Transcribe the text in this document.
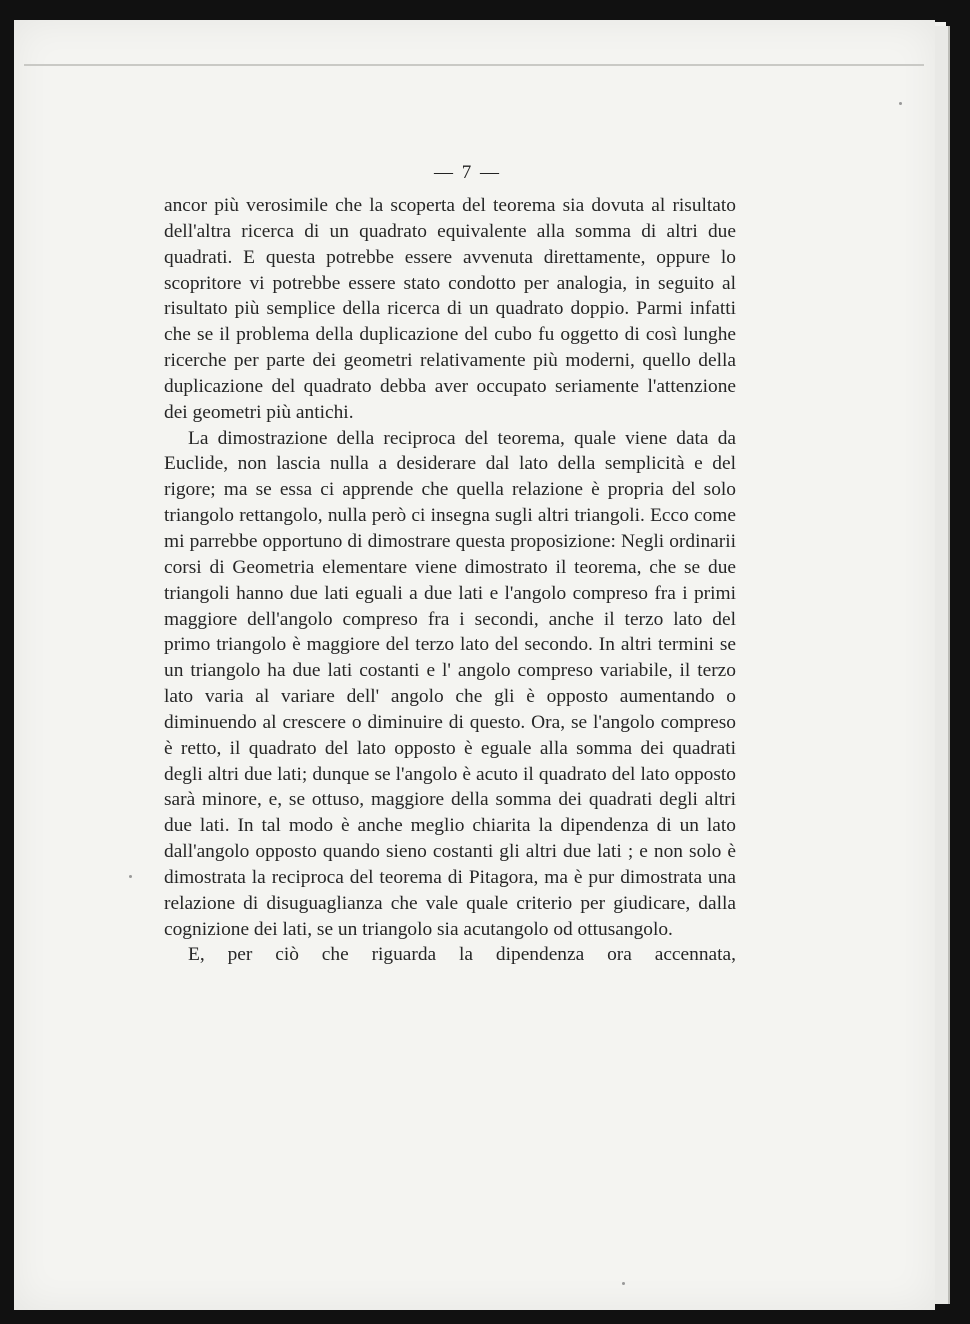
— 7 —

ancor più verosimile che la scoperta del teorema sia dovuta al risultato dell'altra ricerca di un quadrato equivalente alla somma di altri due quadrati. E questa potrebbe essere avvenuta direttamente, oppure lo scopritore vi potrebbe essere stato condotto per analogia, in seguito al risultato più semplice della ricerca di un quadrato doppio. Parmi infatti che se il problema della duplicazione del cubo fu oggetto di così lunghe ricerche per parte dei geometri relativamente più moderni, quello della duplicazione del quadrato debba aver occupato seriamente l'attenzione dei geometri più antichi.

La dimostrazione della reciproca del teorema, quale viene data da Euclide, non lascia nulla a desiderare dal lato della semplicità e del rigore; ma se essa ci apprende che quella relazione è propria del solo triangolo rettangolo, nulla però ci insegna sugli altri triangoli. Ecco come mi parrebbe opportuno di dimostrare questa proposizione: Negli ordinarii corsi di Geometria elementare viene dimostrato il teorema, che se due triangoli hanno due lati eguali a due lati e l'angolo compreso fra i primi maggiore dell'angolo compreso fra i secondi, anche il terzo lato del primo triangolo è maggiore del terzo lato del secondo. In altri termini se un triangolo ha due lati costanti e l' angolo compreso variabile, il terzo lato varia al variare dell' angolo che gli è opposto aumentando o diminuendo al crescere o diminuire di questo. Ora, se l'angolo compreso è retto, il quadrato del lato opposto è eguale alla somma dei quadrati degli altri due lati; dunque se l'angolo è acuto il quadrato del lato opposto sarà minore, e, se ottuso, maggiore della somma dei quadrati degli altri due lati. In tal modo è anche meglio chiarita la dipendenza di un lato dall'angolo opposto quando sieno costanti gli altri due lati ; e non solo è dimostrata la reciproca del teorema di Pitagora, ma è pur dimostrata una relazione di disuguaglianza che vale quale criterio per giudicare, dalla cognizione dei lati, se un triangolo sia acutangolo od ottusangolo.

E, per ciò che riguarda la dipendenza ora accennata,
